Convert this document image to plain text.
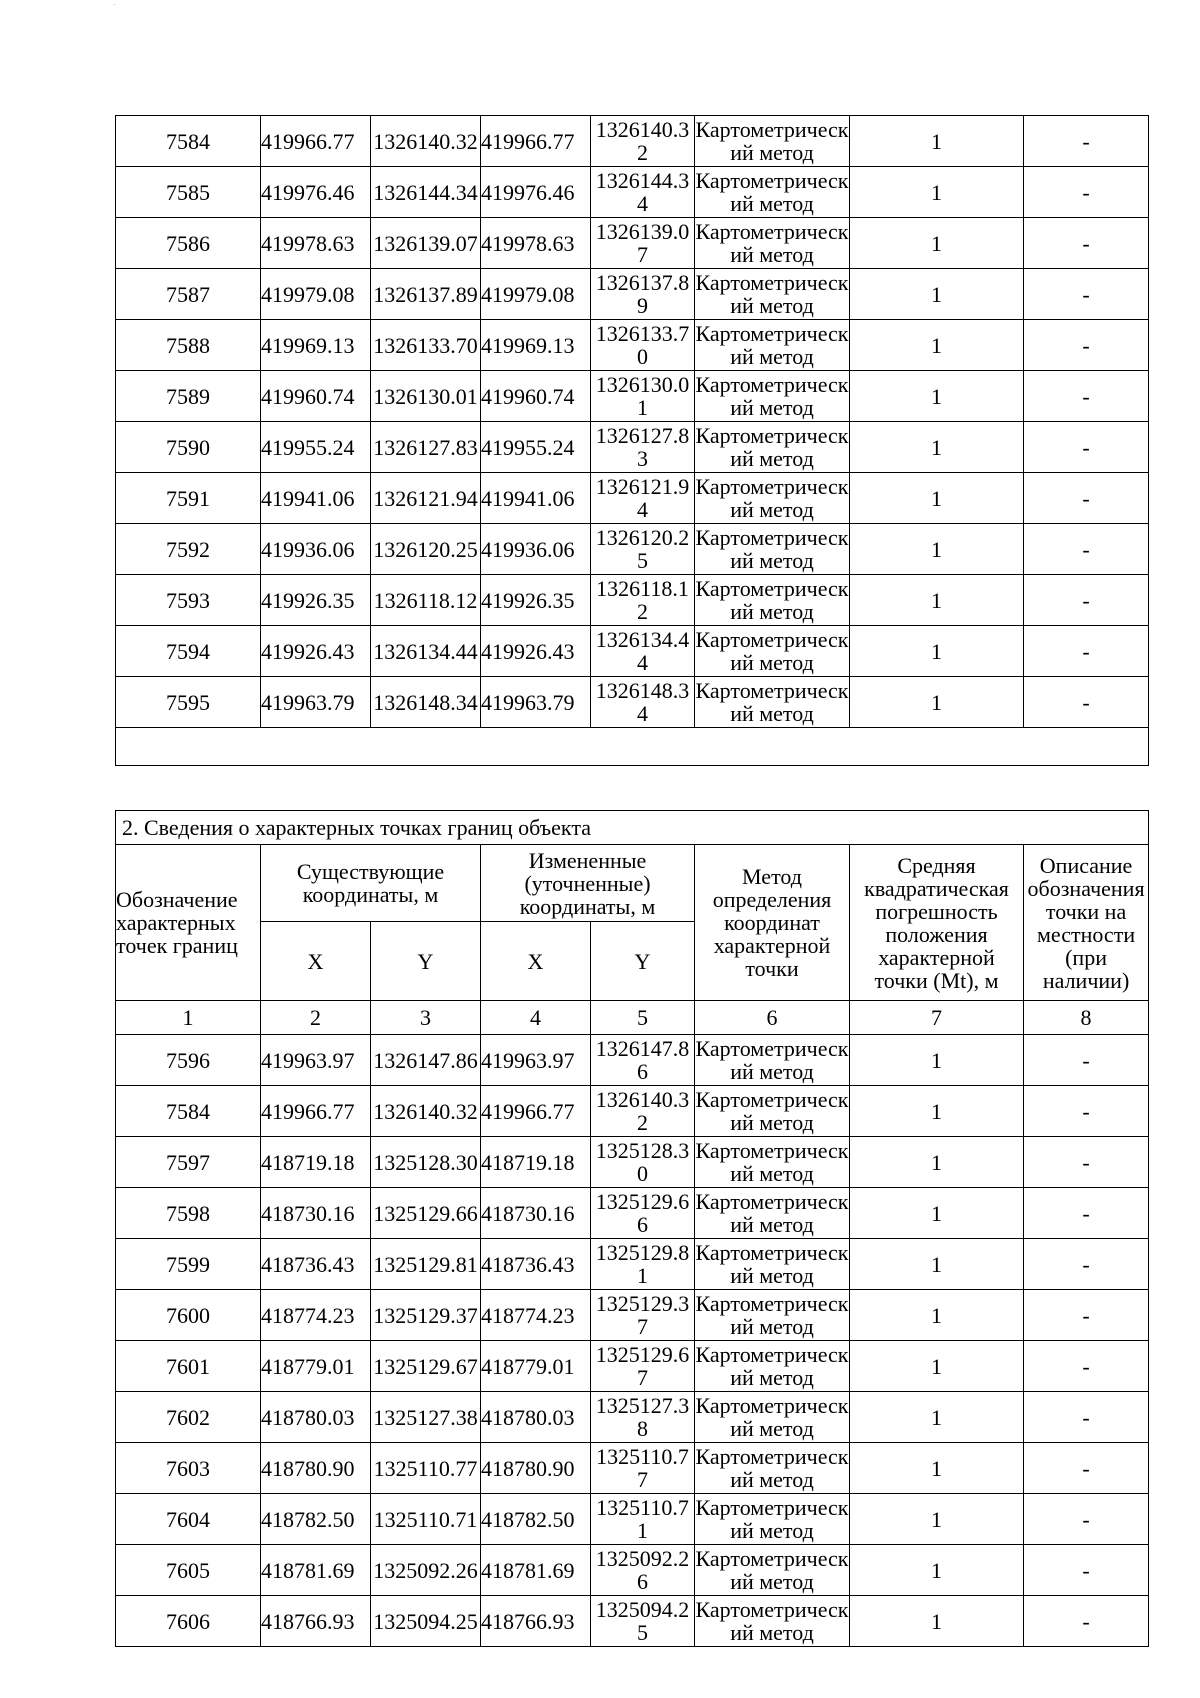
-
7584	419966.77	1326140.32	419966.77	1326140.32	Картометрический метод	1	-
7585	419976.46	1326144.34	419976.46	1326144.34	Картометрический метод	1	-
7586	419978.63	1326139.07	419978.63	1326139.07	Картометрический метод	1	-
7587	419979.08	1326137.89	419979.08	1326137.89	Картометрический метод	1	-
7588	419969.13	1326133.70	419969.13	1326133.70	Картометрический метод	1	-
7589	419960.74	1326130.01	419960.74	1326130.01	Картометрический метод	1	-
7590	419955.24	1326127.83	419955.24	1326127.83	Картометрический метод	1	-
7591	419941.06	1326121.94	419941.06	1326121.94	Картометрический метод	1	-
7592	419936.06	1326120.25	419936.06	1326120.25	Картометрический метод	1	-
7593	419926.35	1326118.12	419926.35	1326118.12	Картометрический метод	1	-
7594	419926.43	1326134.44	419926.43	1326134.44	Картометрический метод	1	-
7595	419963.79	1326148.34	419963.79	1326148.34	Картометрический метод	1	-

2. Сведения о характерных точках границ объекта							
Обозначение характерных точек границ	Существующие координаты, м		Измененные (уточненные) координаты, м		Метод определения координат характерной точки	Средняя квадратическая погрешность положения характерной точки (Mt), м	Описание обозначения точки на местности (при наличии)
	X	Y	X	Y			
1	2	3	4	5	6	7	8
7596	419963.97	1326147.86	419963.97	1326147.86	Картометрический метод	1	-
7584	419966.77	1326140.32	419966.77	1326140.32	Картометрический метод	1	-
7597	418719.18	1325128.30	418719.18	1325128.30	Картометрический метод	1	-
7598	418730.16	1325129.66	418730.16	1325129.66	Картометрический метод	1	-
7599	418736.43	1325129.81	418736.43	1325129.81	Картометрический метод	1	-
7600	418774.23	1325129.37	418774.23	1325129.37	Картометрический метод	1	-
7601	418779.01	1325129.67	418779.01	1325129.67	Картометрический метод	1	-
7602	418780.03	1325127.38	418780.03	1325127.38	Картометрический метод	1	-
7603	418780.90	1325110.77	418780.90	1325110.77	Картометрический метод	1	-
7604	418782.50	1325110.71	418782.50	1325110.71	Картометрический метод	1	-
7605	418781.69	1325092.26	418781.69	1325092.26	Картометрический метод	1	-
7606	418766.93	1325094.25	418766.93	1325094.25	Картометрический метод	1	-
